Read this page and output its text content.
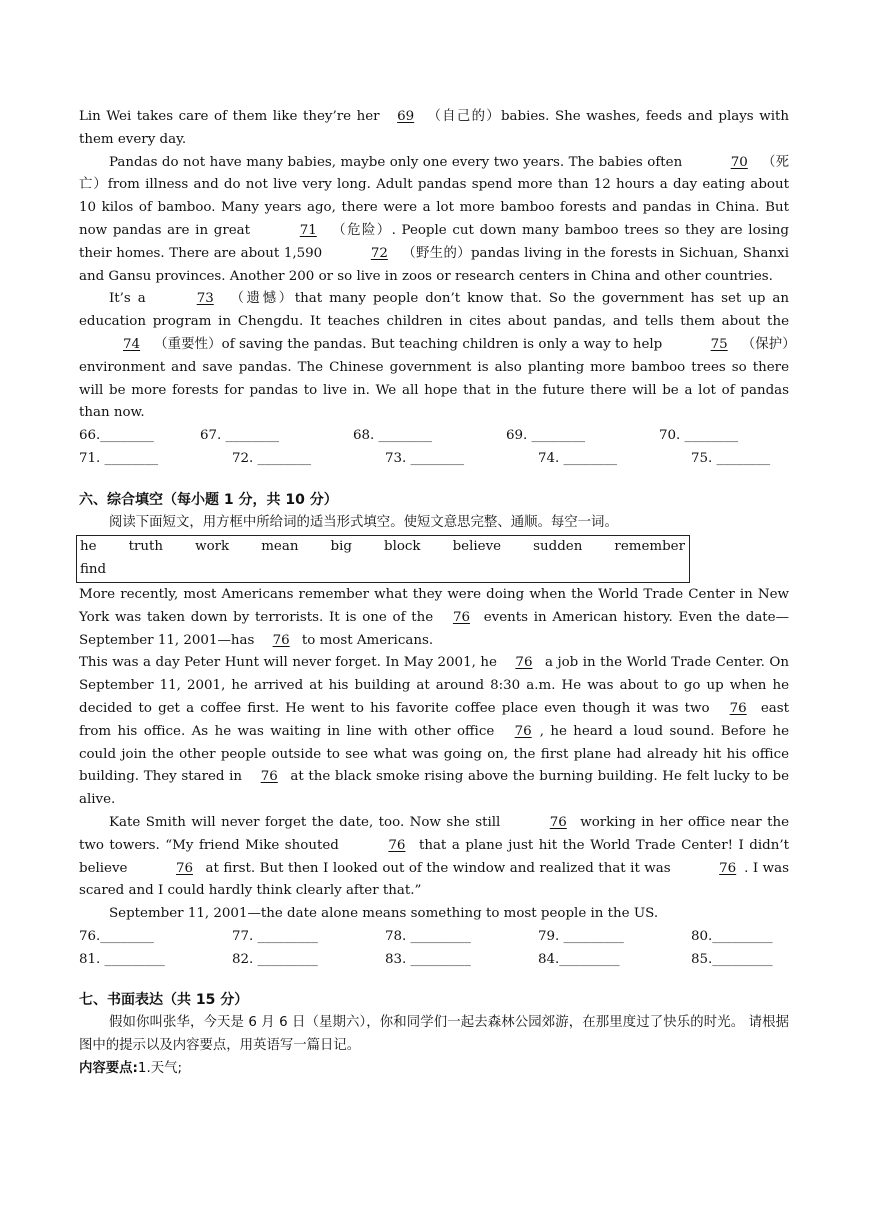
Lin Wei takes care of them like they’re her 69 （自己的）babies. She washes, feeds and plays with them every day.

Pandas do not have many babies, maybe only one every two years. The babies often	70 （死亡）from illness and do not live very long. Adult pandas spend more than 12 hours a day eating about 10 kilos of bamboo. Many years ago, there were a lot more bamboo forests and pandas in China. But now pandas are in great	71 （危险）. People cut down many bamboo trees so they are losing their homes. There are about 1,590	72 （野生的）pandas living in the forests in Sichuan, Shanxi and Gansu provinces. Another 200 or so live in zoos or research centers in China and other countries.

It’s a	73 （遗憾）that many people don’t know that. So the government has set up an education program in Chengdu. It teaches children in cites about pandas, and tells them about the 74 （重要性）of saving the pandas. But teaching children is only a way to help	75 （保护）environment and save pandas. The Chinese government is also planting more bamboo trees so there will be more forests for pandas to live in. We all hope that in the future there will be a lot of pandas than now.

66.________	67. ________	68. ________	69. ________	70. ________
71. ________	72. ________	73. ________	74. ________	75. ________
六、综合填空（每小题 1 分，共 10 分）

阅读下面短文，用方框中所给词的适当形式填空。使短文意思完整、通顺。每空一词。

he truth work mean big block believe sudden remember
find

More recently, most Americans remember what they were doing when the World Trade Center in New York was taken down by terrorists. It is one of the 76 events in American history. Even the date—September 11, 2001—has 76 to most Americans.

This was a day Peter Hunt will never forget. In May 2001, he 76 a job in the World Trade Center. On September 11, 2001, he arrived at his building at around 8:30 a.m. He was about to go up when he decided to get a coffee first. He went to his favorite coffee place even though it was two 76 east from his office. As he was waiting in line with other office 76 , he heard a loud sound. Before he could join the other people outside to see what was going on, the first plane had already hit his office building. They stared in 76 at the black smoke rising above the burning building. He felt lucky to be alive.

Kate Smith will never forget the date, too. Now she still	76 working in her office near the two towers. “My friend Mike shouted	76 that a plane just hit the World Trade Center! I didn’t believe	76 at first. But then I looked out of the window and realized that it was	76 . I was scared and I could hardly think clearly after that.”

September 11, 2001—the date alone means something to most people in the US.

76.________	77. _________	78. _________	79. _________	80._________
81. _________	82. _________	83. _________	84._________	85._________
七、书面表达（共 15 分）

假如你叫张华，今天是 6 月 6 日（星期六），你和同学们一起去森林公园郊游，在那里度过了快乐的时光。 请根据图中的提示以及内容要点，用英语写一篇日记。

内容要点:1.天气;
